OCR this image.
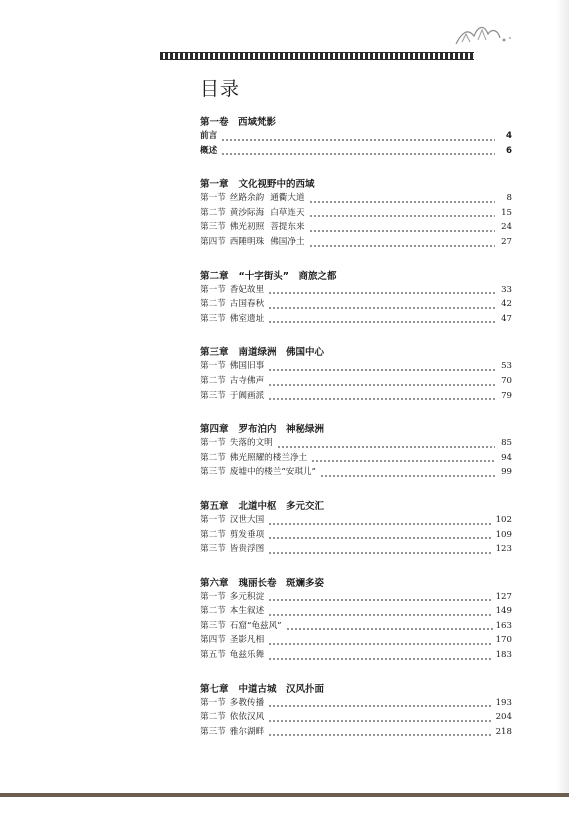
目录
第一卷　西域梵影
前言	4
概述	6
第一章 文化视野中的西域
第一节 丝路余韵 通衢大道	8
第二节 黄沙际海 白草连天	15
第三节 佛光初照 菩提东来	24
第四节 西陲明珠 佛国净土	27
第二章 “十字街头”　商旅之都
第一节 香妃故里	33
第二节 古国春秋	42
第三节 佛室遗址	47
第三章 南道绿洲　佛国中心
第一节 佛国旧事	53
第二节 古寺佛声	70
第三节 于阗画派	79
第四章 罗布泊内　神秘绿洲
第一节 失落的文明	85
第二节 佛光照耀的楼兰净土	94
第三节 废墟中的楼兰“安琪儿”	99
第五章 北道中枢　多元交汇
第一节 汉世大国	102
第二节 剪发垂项	109
第三节 皆贵浮图	123
第六章 瑰丽长卷　斑斓多姿
第一节 多元积淀	127
第二节 本生叙述	149
第三节 石窟“龟兹风”	163
第四节 圣影凡相	170
第五节 龟兹乐舞	183
第七章 中道古城　汉风扑面
第一节 多教传播	193
第二节 依依汉风	204
第三节 雅尔湖畔	218
